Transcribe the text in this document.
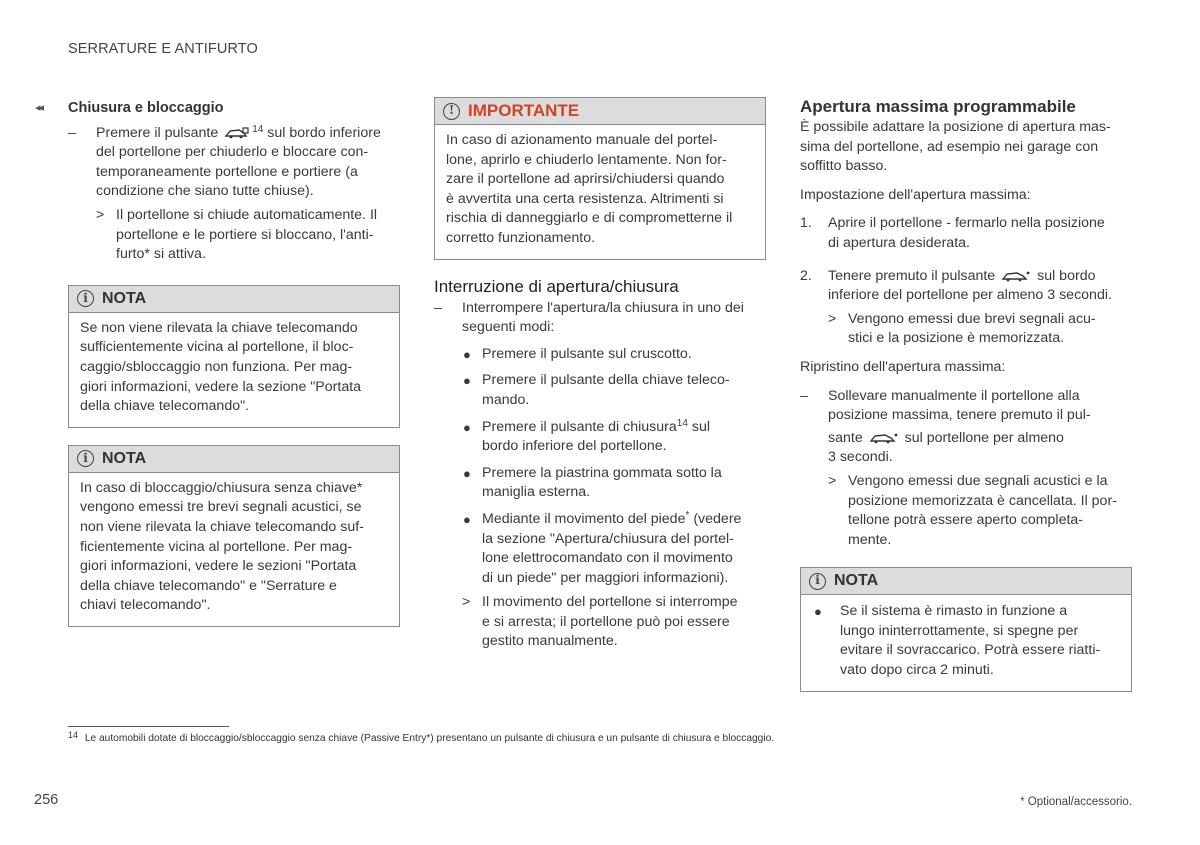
SERRATURE E ANTIFURTO
◂◂ Chiusura e bloccaggio
– Premere il pulsante	$^{14}$ sul bordo inferiore

del portellone per chiuderlo e bloccare con-

temporaneamente portellone e portiere (a

condizione che siano tutte chiuse).

> Il portellone si chiude automaticamente. Il

portellone e le portiere si bloccano, l'anti-

furto* si attiva.

i NOTA

Se non viene rilevata la chiave telecomando

sufficientemente vicina al portellone, il bloc-

caggio/sbloccaggio non funziona. Per mag-

giori informazioni, vedere la sezione "Portata

della chiave telecomando".

i NOTA

In caso di bloccaggio/chiusura senza chiave*

vengono emessi tre brevi segnali acustici, se

non viene rilevata la chiave telecomando suf-

ficientemente vicina al portellone. Per mag-

giori informazioni, vedere le sezioni "Portata

della chiave telecomando" e "Serrature e

chiavi telecomando".

! IMPORTANTE

In caso di azionamento manuale del portel-

lone, aprirlo e chiuderlo lentamente. Non for-

zare il portellone ad aprirsi/chiudersi quando

è avvertita una certa resistenza. Altrimenti si

rischia di danneggiarlo e di comprometterne il

corretto funzionamento.

Interruzione di apertura/chiusura
– Interrompere l'apertura/la chiusura in uno dei

seguenti modi:

● Premere il pulsante sul cruscotto.

● Premere il pulsante della chiave teleco-

mando.

● Premere il pulsante di chiusura$^{14}$ sul

bordo inferiore del portellone.

● Premere la piastrina gommata sotto la

maniglia esterna.

● Mediante il movimento del piede* (vedere

la sezione "Apertura/chiusura del portel-

lone elettrocomandato con il movimento

di un piede" per maggiori informazioni).

> Il movimento del portellone si interrompe

e si arresta; il portellone può poi essere

gestito manualmente.

Apertura massima programmabile

È possibile adattare la posizione di apertura mas-

sima del portellone, ad esempio nei garage con

soffitto basso.

Impostazione dell'apertura massima:

1. Aprire il portellone - fermarlo nella posizione

di apertura desiderata.

2. Tenere premuto il pulsante	sul bordo

inferiore del portellone per almeno 3 secondi.

> Vengono emessi due brevi segnali acu-

stici e la posizione è memorizzata.

Ripristino dell'apertura massima:

– Sollevare manualmente il portellone alla

posizione massima, tenere premuto il pul-

sante	sul portellone per almeno

3 secondi.

> Vengono emessi due segnali acustici e la

posizione memorizzata è cancellata. Il por-

tellone potrà essere aperto completa-

mente.

i NOTA
● Se il sistema è rimasto in funzione a

lungo ininterrottamente, si spegne per

evitare il sovraccarico. Potrà essere riatti-

vato dopo circa 2 minuti.

$^{14}$ Le automobili dotate di bloccaggio/sbloccaggio senza chiave (Passive Entry*) presentano un pulsante di chiusura e un pulsante di chiusura e bloccaggio.
256	* Optional/accessorio.
